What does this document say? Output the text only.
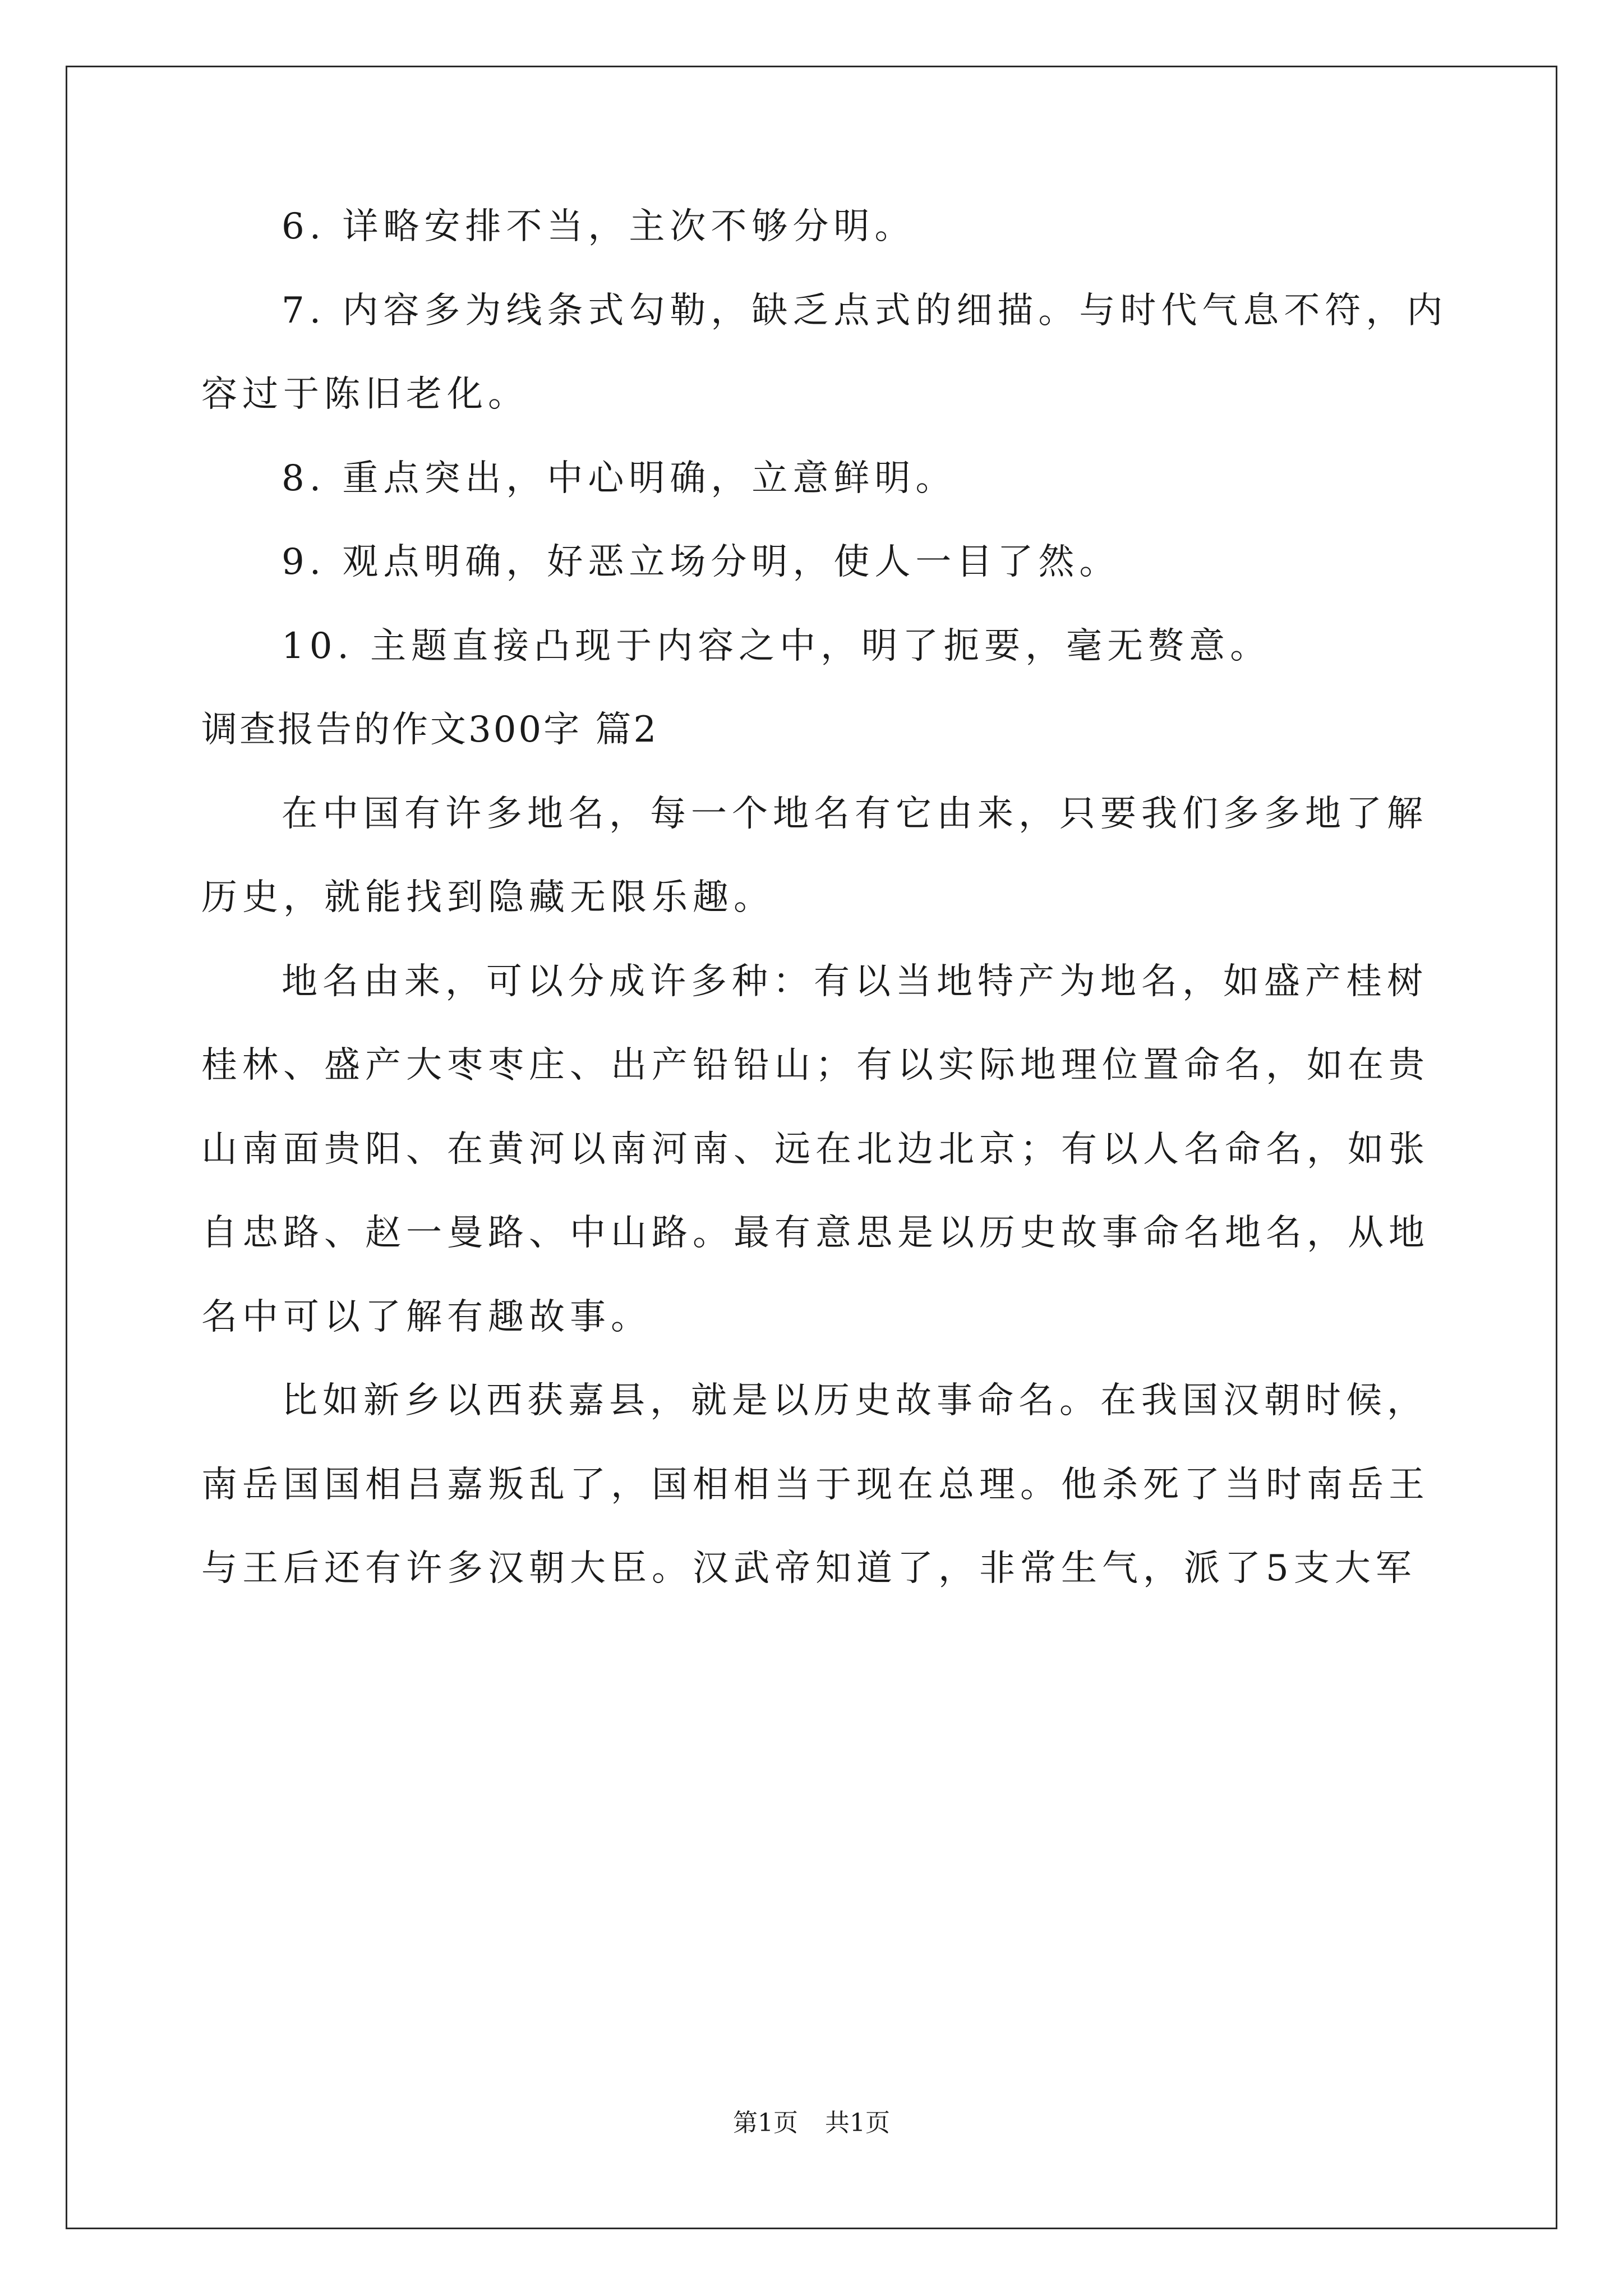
6. 详略安排不当，主次不够分明。
7. 内容多为线条式勾勒，缺乏点式的细描。与时代气息不符，内
容过于陈旧老化。
8. 重点突出，中心明确，立意鲜明。
9. 观点明确，好恶立场分明，使人一目了然。
10. 主题直接凸现于内容之中，明了扼要，毫无赘意。
调查报告的作文300字 篇2
在中国有许多地名，每一个地名有它由来，只要我们多多地了解
历史，就能找到隐藏无限乐趣。
地名由来，可以分成许多种：有以当地特产为地名，如盛产桂树
桂林、盛产大枣枣庄、出产铅铅山；有以实际地理位置命名，如在贵
山南面贵阳、在黄河以南河南、远在北边北京；有以人名命名，如张
自忠路、赵一曼路、中山路。最有意思是以历史故事命名地名，从地
名中可以了解有趣故事。
比如新乡以西获嘉县，就是以历史故事命名。在我国汉朝时候，
南岳国国相吕嘉叛乱了，国相相当于现在总理。他杀死了当时南岳王
与王后还有许多汉朝大臣。汉武帝知道了，非常生气，派了5支大军
第1页 共1页
